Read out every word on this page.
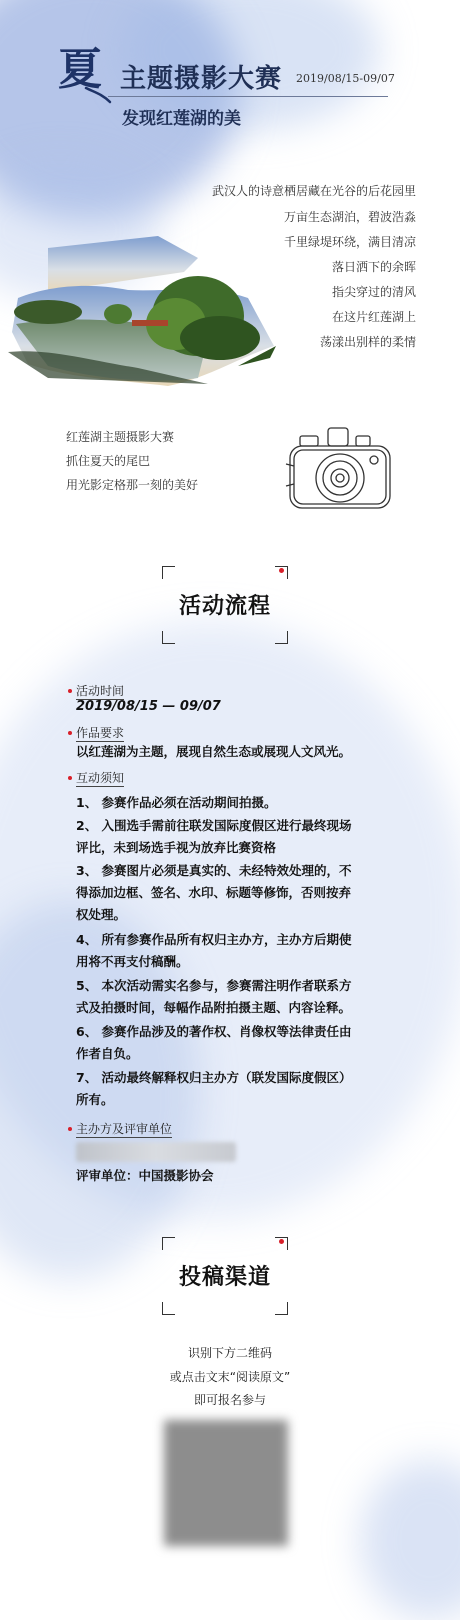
夏 主题摄影大赛 2019/08/15-09/07
发现红莲湖的美
武汉人的诗意栖居藏在光谷的后花园里
万亩生态湖泊，碧波浩淼
千里绿堤环绕，满目清凉
落日洒下的余晖
指尖穿过的清风
在这片红莲湖上
荡漾出别样的柔情
红莲湖主题摄影大赛
抓住夏天的尾巴
用光影定格那一刻的美好
活动流程
活动时间
2019/08/15 — 09/07
作品要求
以红莲湖为主题，展现自然生态或展现人文风光。
互动须知
1、 参赛作品必须在活动期间拍摄。
2、 入围选手需前往联发国际度假区进行最终现场
评比，未到场选手视为放弃比赛资格
3、 参赛图片必须是真实的、未经特效处理的，不
得添加边框、签名、水印、标题等修饰，否则按弃
权处理。
4、 所有参赛作品所有权归主办方，主办方后期使
用将不再支付稿酬。
5、 本次活动需实名参与，参赛需注明作者联系方
式及拍摄时间，每幅作品附拍摄主题、内容诠释。
6、 参赛作品涉及的著作权、肖像权等法律责任由
作者自负。
7、 活动最终解释权归主办方（联发国际度假区）
所有。
主办方及评审单位
评审单位：中国摄影协会
投稿渠道
识别下方二维码
或点击文末“阅读原文”
即可报名参与
